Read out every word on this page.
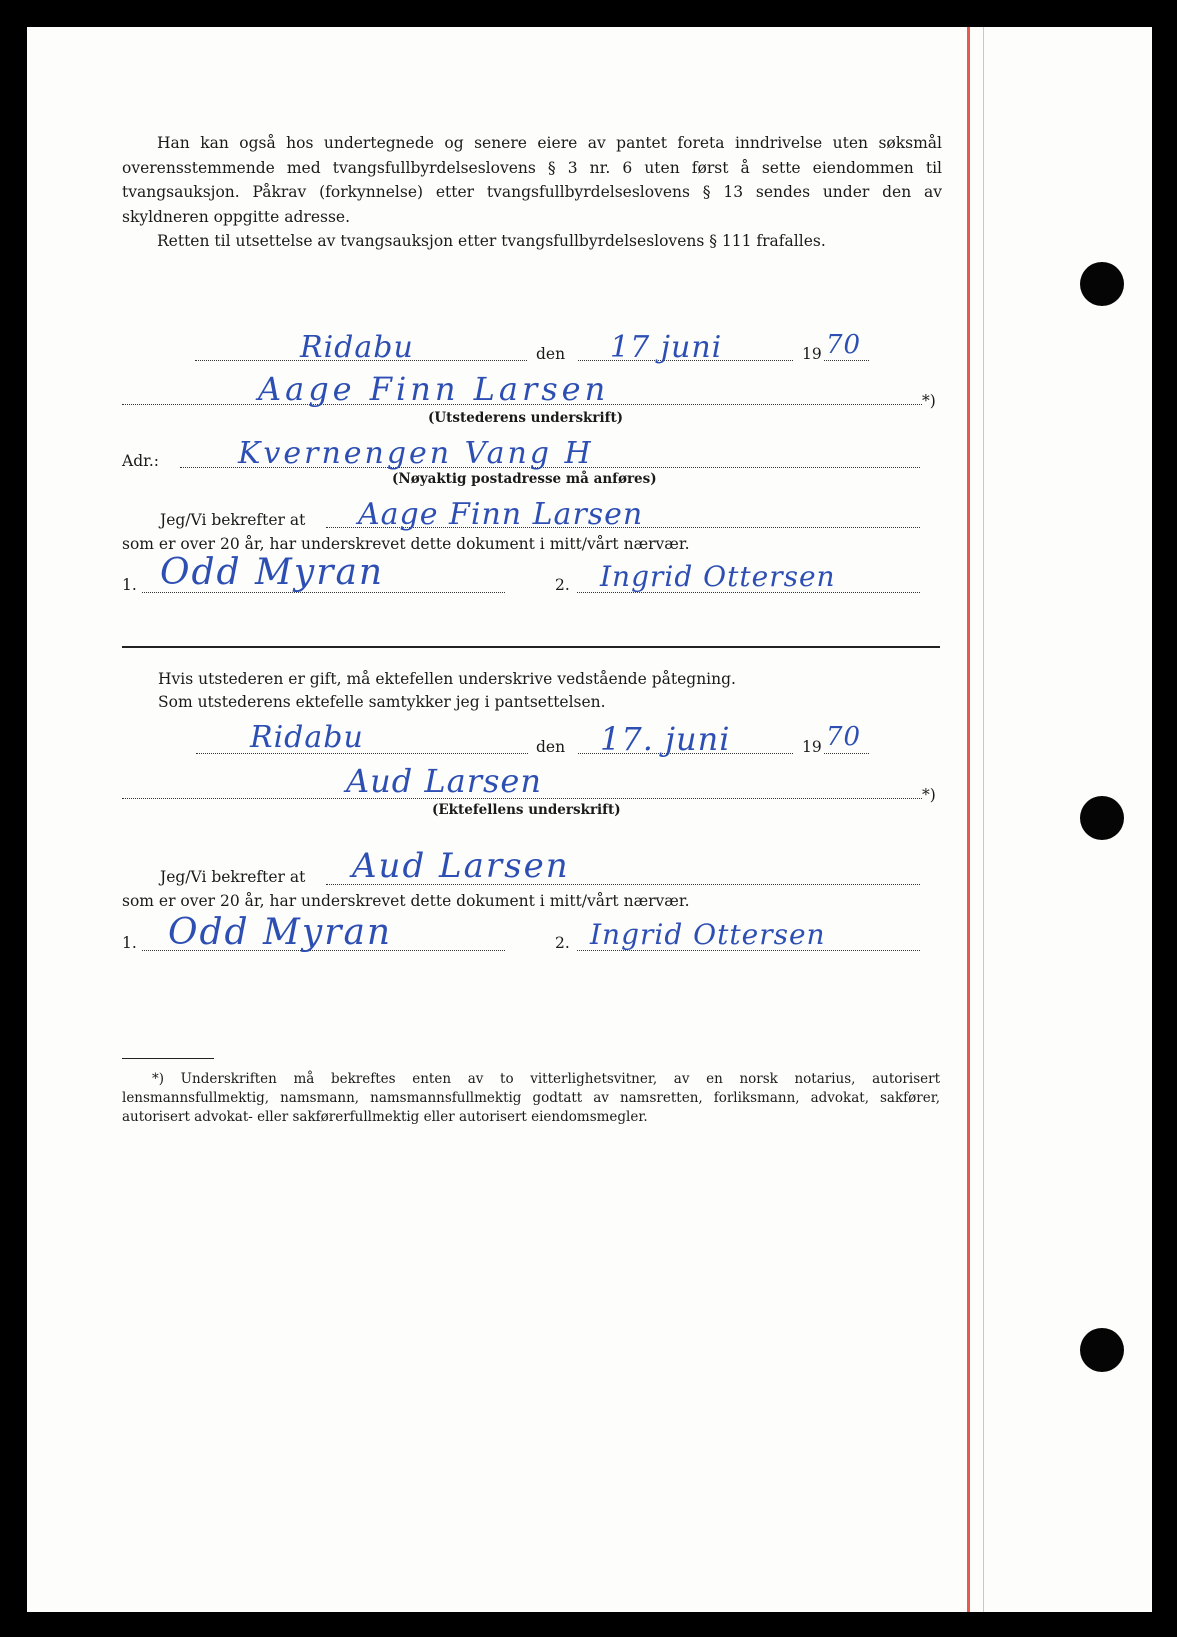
Han kan også hos undertegnede og senere eiere av pantet foreta inndrivelse uten søksmål overensstemmende med tvangsfullbyrdelseslovens § 3 nr. 6 uten først å sette eiendommen til tvangsauksjon. Påkrav (forkynnelse) etter tvangsfullbyrdelseslovens § 13 sendes under den av skyldneren oppgitte adresse.

Retten til utsettelse av tvangsauksjon etter tvangsfullbyrdelseslovens § 111 frafalles.

Ridabu	den 17 juni	19 70
Aage Finn Larsen	*)
(Utstederens underskrift)
Adr.:	Kvernengen Vang H
(Nøyaktig postadresse må anføres)
Jeg/Vi bekrefter at Aage Finn Larsen
som er over 20 år, har underskrevet dette dokument i mitt/vårt nærvær.
1. Odd Myran	2. Ingrid Ottersen
Hvis utstederen er gift, må ektefellen underskrive vedstående påtegning.
Som utstederens ektefelle samtykker jeg i pantsettelsen.
Ridabu	den 17. juni	19 70
Aud Larsen	*)
(Ektefellens underskrift)
Jeg/Vi bekrefter at Aud Larsen
som er over 20 år, har underskrevet dette dokument i mitt/vårt nærvær.
1. Odd Myran	2. Ingrid Ottersen

*) Underskriften må bekreftes enten av to vitterlighetsvitner, av en norsk notarius, autorisert lensmannsfullmektig, namsmann, namsmannsfullmektig godtatt av namsretten, forliksmann, advokat, sakfører, autorisert advokat- eller sakførerfullmektig eller autorisert eiendomsmegler.
